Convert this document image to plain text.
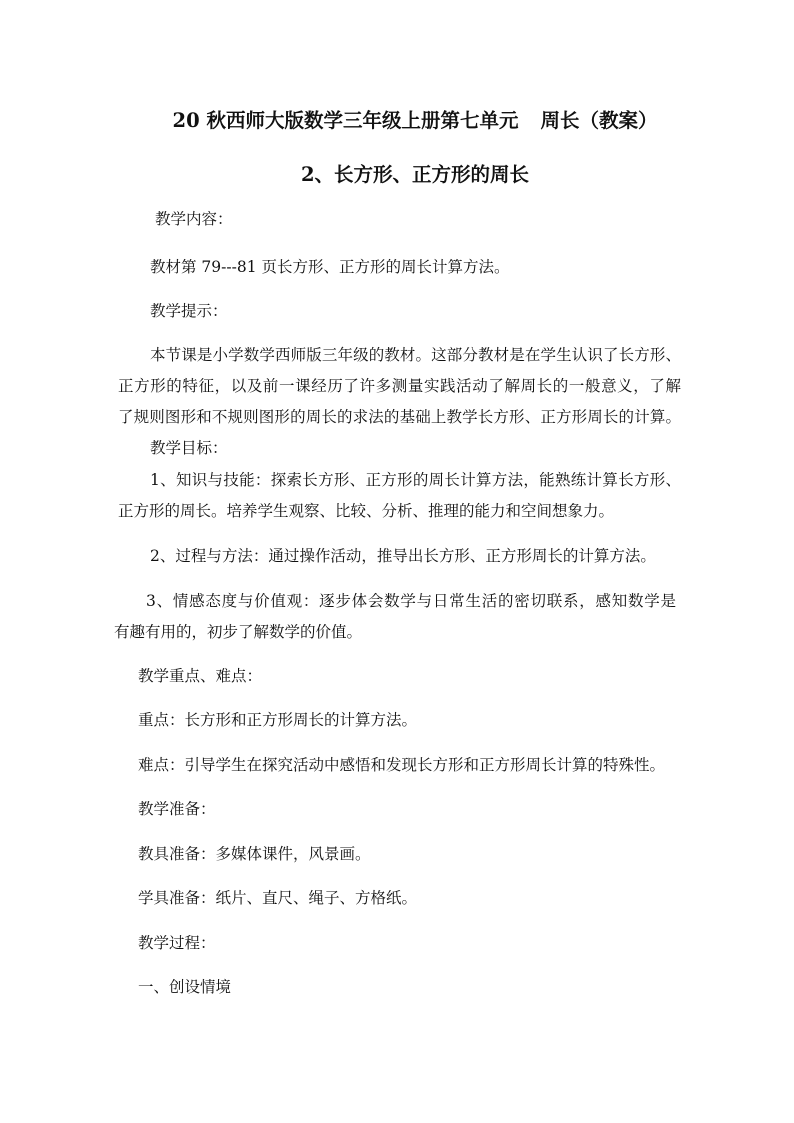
20 秋西师大版数学三年级上册第七单元 周长（教案）
2、长方形、正方形的周长
教学内容：
教材第 79---81 页长方形、正方形的周长计算方法。
教学提示：
本节课是小学数学西师版三年级的教材。这部分教材是在学生认识了长方形、
正方形的特征，以及前一课经历了许多测量实践活动了解周长的一般意义，了解
了规则图形和不规则图形的周长的求法的基础上教学长方形、正方形周长的计算。
教学目标：
1、知识与技能：探索长方形、正方形的周长计算方法，能熟练计算长方形、
正方形的周长。培养学生观察、比较、分析、推理的能力和空间想象力。
2、过程与方法：通过操作活动，推导出长方形、正方形周长的计算方法。
3、情感态度与价值观：逐步体会数学与日常生活的密切联系，感知数学是
有趣有用的，初步了解数学的价值。
教学重点、难点：
重点：长方形和正方形周长的计算方法。
难点：引导学生在探究活动中感悟和发现长方形和正方形周长计算的特殊性。
教学准备：
教具准备：多媒体课件，风景画。
学具准备：纸片、直尺、绳子、方格纸。
教学过程：
一、创设情境
